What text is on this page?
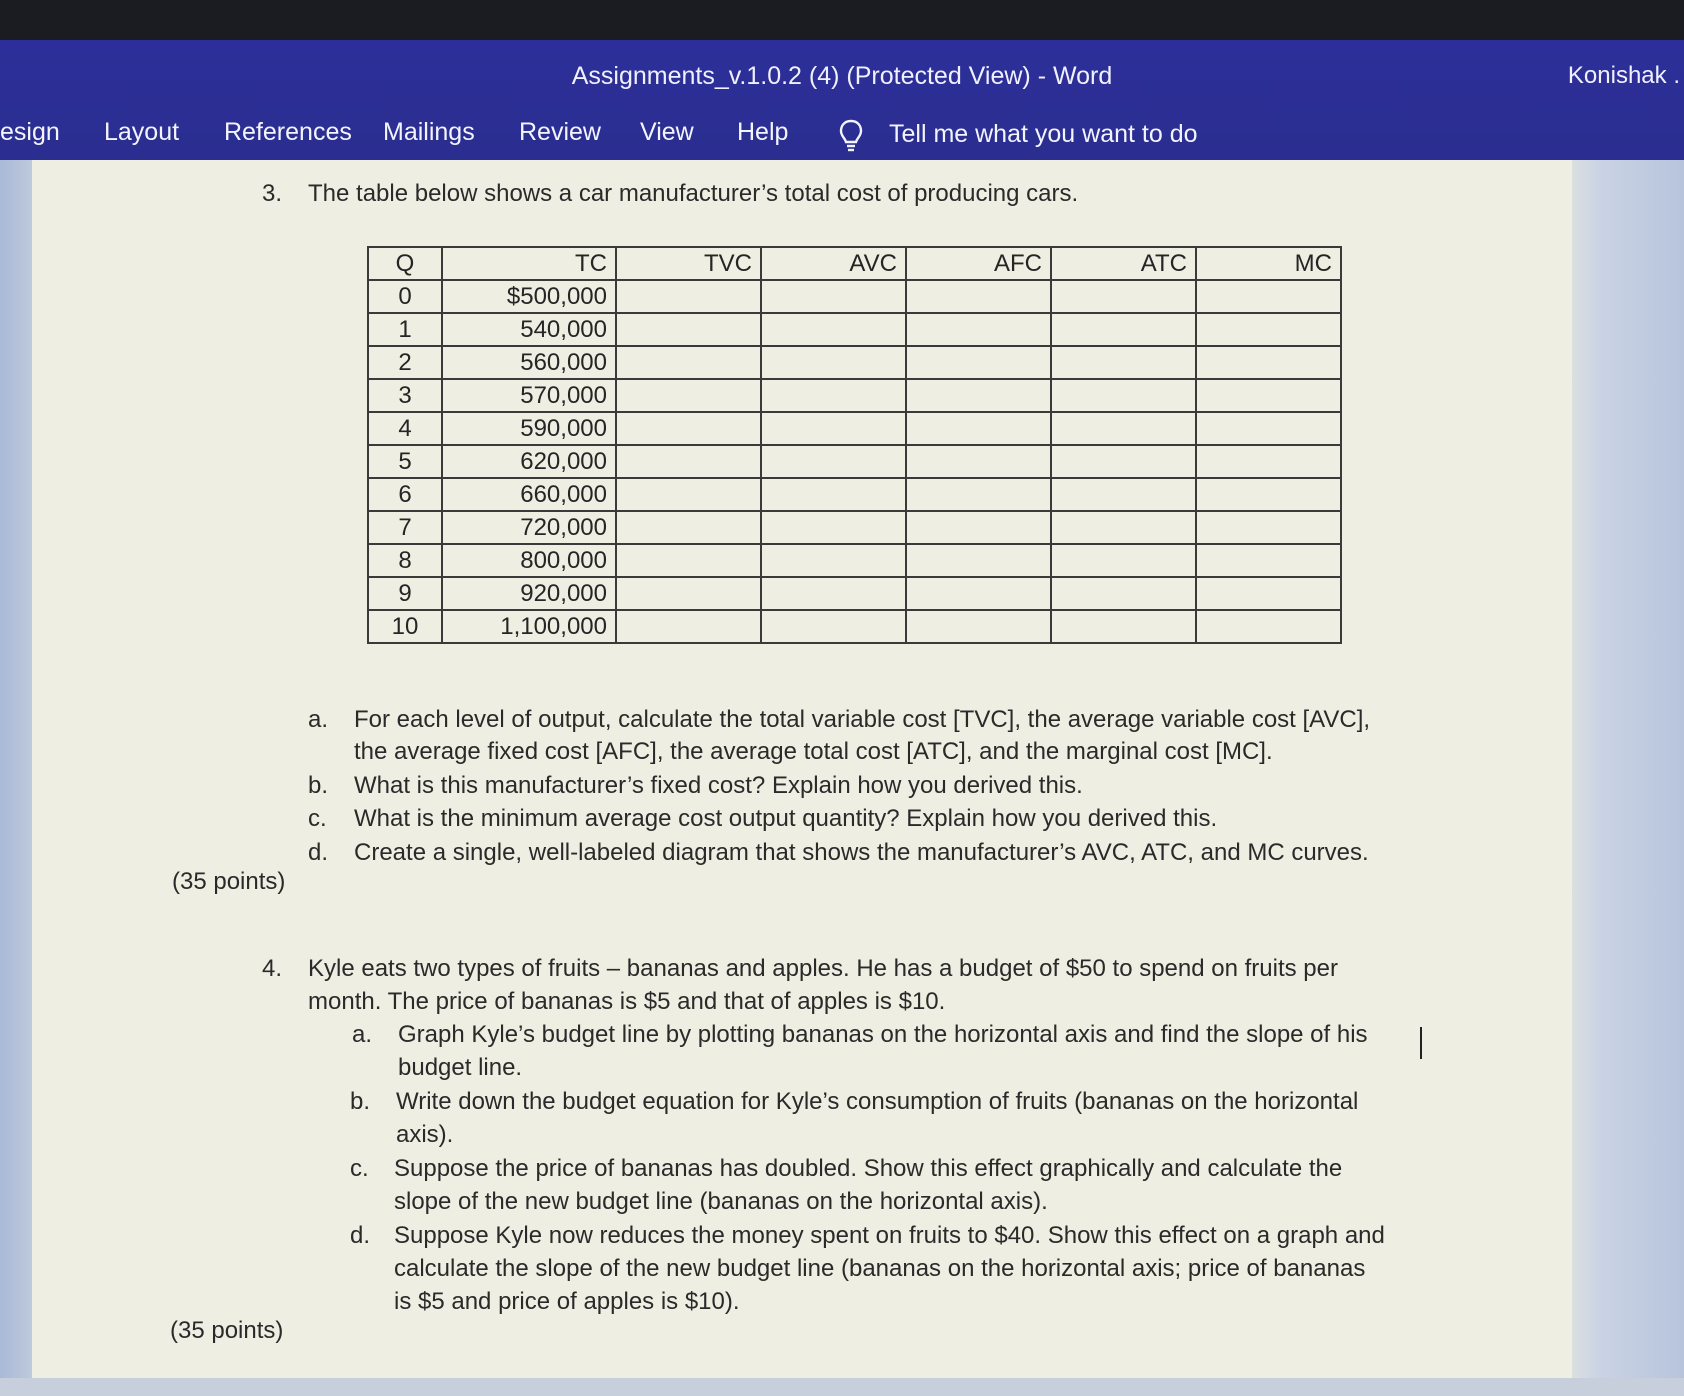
Assignments_v.1.0.2 (4) (Protected View) - Word	Konishak .
esign Layout References Mailings Review View Help	Tell me what you want to do
3. The table below shows a car manufacturer’s total cost of producing cars.
Q	TC	TVC	AVC	AFC	ATC	MC
0	$500,000					
1	540,000					
2	560,000					
3	570,000					
4	590,000					
5	620,000					
6	660,000					
7	720,000					
8	800,000					
9	920,000					
10	1,100,000					
a. For each level of output, calculate the total variable cost [TVC], the average variable cost [AVC],
the average fixed cost [AFC], the average total cost [ATC], and the marginal cost [MC].
b. What is this manufacturer’s fixed cost? Explain how you derived this.
c. What is the minimum average cost output quantity? Explain how you derived this.
d. Create a single, well-labeled diagram that shows the manufacturer’s AVC, ATC, and MC curves.
(35 points)
4. Kyle eats two types of fruits – bananas and apples. He has a budget of $50 to spend on fruits per
month. The price of bananas is $5 and that of apples is $10.
a. Graph Kyle’s budget line by plotting bananas on the horizontal axis and find the slope of his
budget line.
b. Write down the budget equation for Kyle’s consumption of fruits (bananas on the horizontal
axis).
c. Suppose the price of bananas has doubled. Show this effect graphically and calculate the
slope of the new budget line (bananas on the horizontal axis).
d. Suppose Kyle now reduces the money spent on fruits to $40. Show this effect on a graph and
calculate the slope of the new budget line (bananas on the horizontal axis; price of bananas
is $5 and price of apples is $10).
(35 points)
